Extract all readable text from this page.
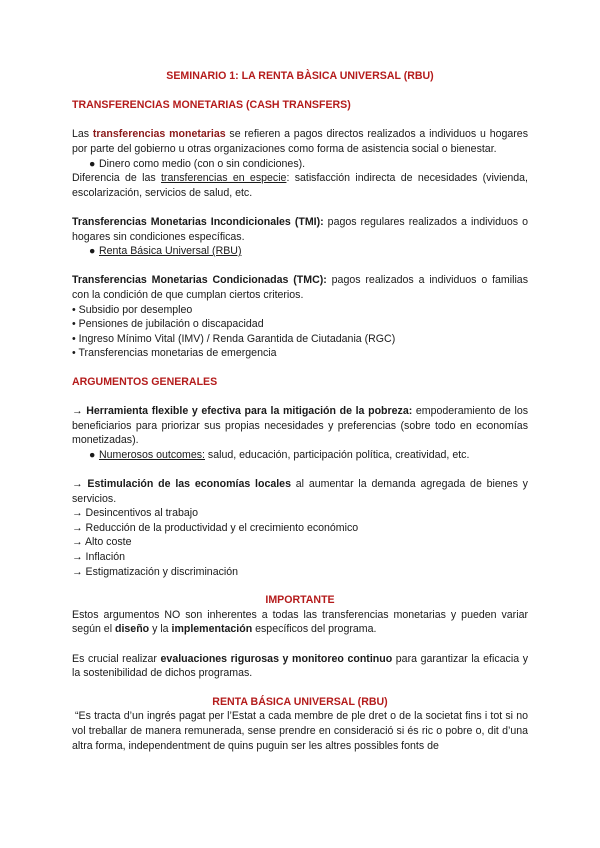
SEMINARIO 1: LA RENTA BÀSICA UNIVERSAL (RBU)

TRANSFERENCIAS MONETARIAS (CASH TRANSFERS)

Las transferencias monetarias se refieren a pagos directos realizados a individuos u hogares por parte del gobierno u otras organizaciones como forma de asistencia social o bienestar.

● Dinero como medio (con o sin condiciones).

Diferencia de las transferencias en especie: satisfacción indirecta de necesidades (vivienda, escolarización, servicios de salud, etc.

Transferencias Monetarias Incondicionales (TMI): pagos regulares realizados a individuos o hogares sin condiciones específicas.

● Renta Básica Universal (RBU)

Transferencias Monetarias Condicionadas (TMC): pagos realizados a individuos o familias con la condición de que cumplan ciertos criterios.

• Subsidio por desempleo

• Pensiones de jubilación o discapacidad

• Ingreso Mínimo Vital (IMV) / Renda Garantida de Ciutadania (RGC)

• Transferencias monetarias de emergencia

ARGUMENTOS GENERALES

→ Herramienta flexible y efectiva para la mitigación de la pobreza: empoderamiento de los beneficiarios para priorizar sus propias necesidades y preferencias (sobre todo en economías monetizadas).

● Numerosos outcomes: salud, educación, participación política, creatividad, etc.

→ Estimulación de las economías locales al aumentar la demanda agregada de bienes y servicios.

→ Desincentivos al trabajo

→ Reducción de la productividad y el crecimiento económico

→ Alto coste

→ Inflación

→ Estigmatización y discriminación

IMPORTANTE

Estos argumentos NO son inherentes a todas las transferencias monetarias y pueden variar según el diseño y la implementación específicos del programa.

Es crucial realizar evaluaciones rigurosas y monitoreo continuo para garantizar la eficacia y la sostenibilidad de dichos programas.

RENTA BÁSICA UNIVERSAL (RBU)

“Es tracta d’un ingrés pagat per l’Estat a cada membre de ple dret o de la societat fins i tot si no vol treballar de manera remunerada, sense prendre en consideració si és ric o pobre o, dit d’una altra forma, independentment de quins puguin ser les altres possibles fonts de
